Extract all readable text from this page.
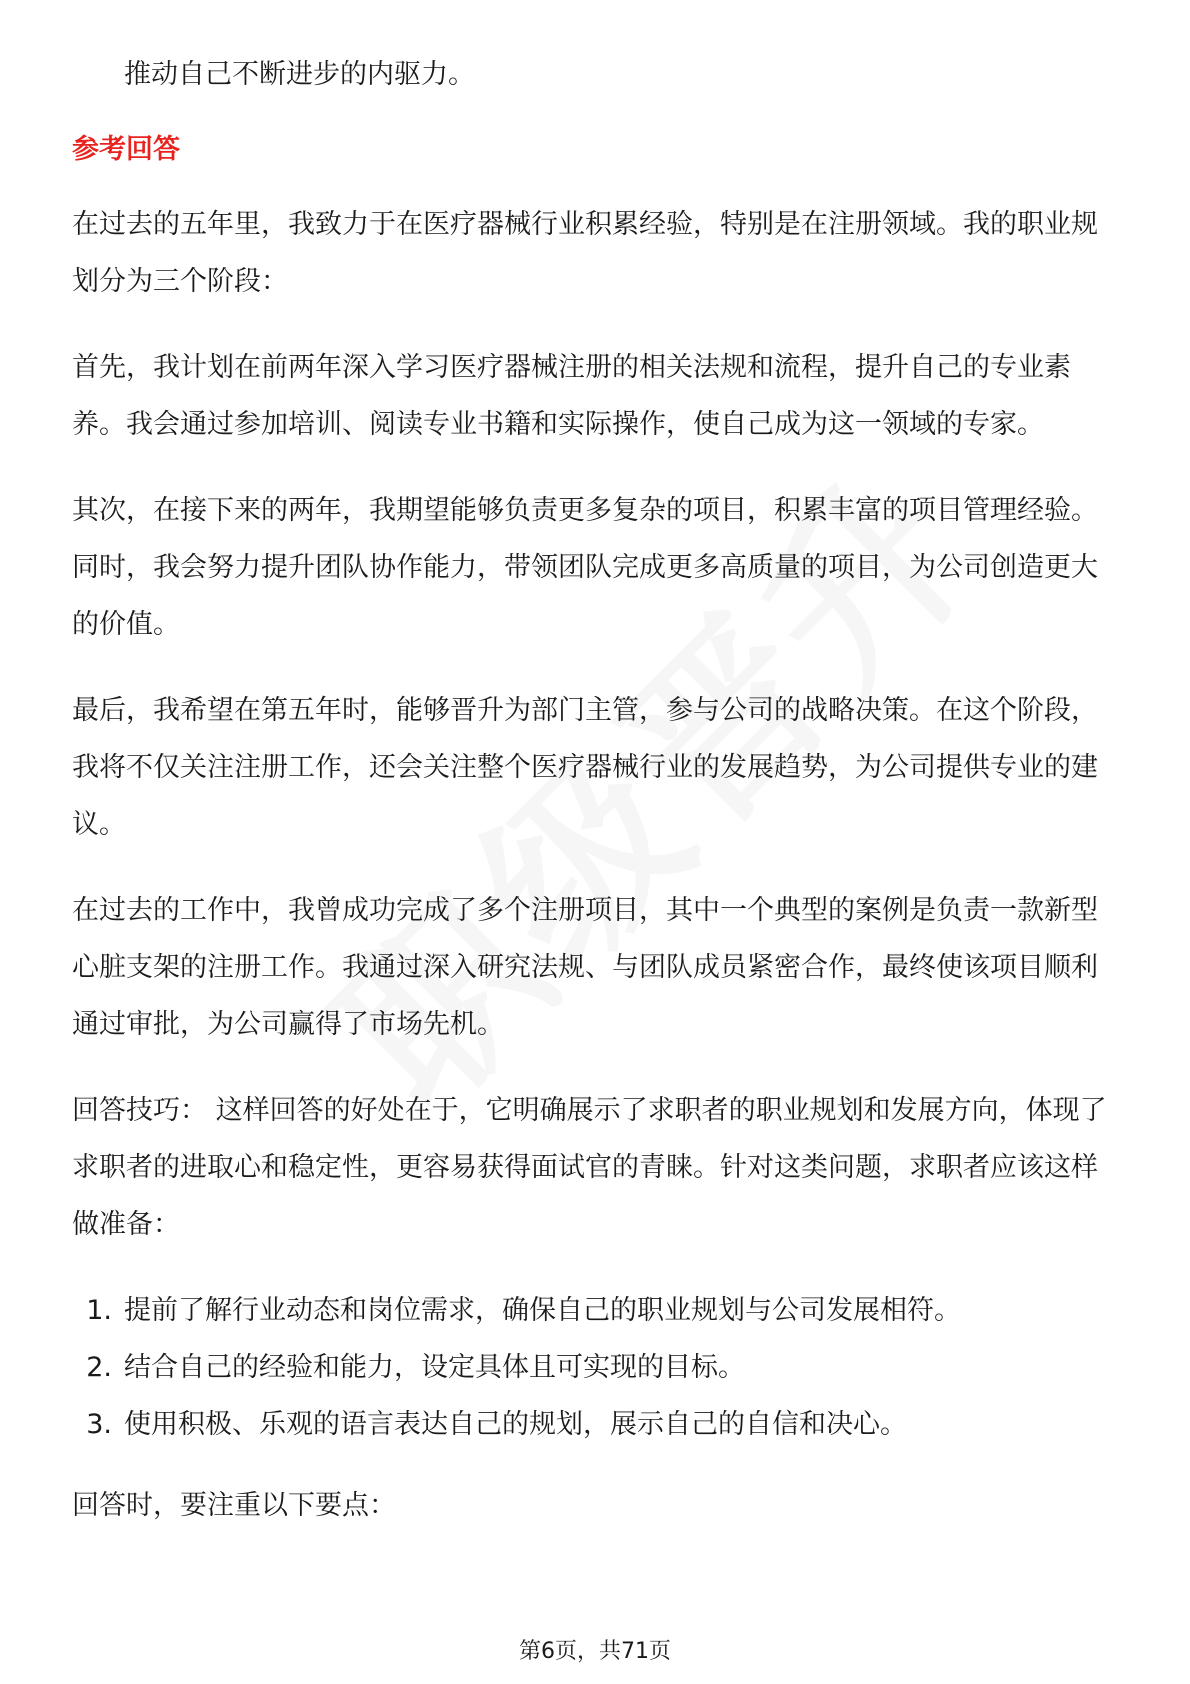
推动自己不断进步的内驱力。

参考回答

在过去的五年里，我致力于在医疗器械行业积累经验，特别是在注册领域。我的职业规划分为三个阶段：

首先，我计划在前两年深入学习医疗器械注册的相关法规和流程，提升自己的专业素养。我会通过参加培训、阅读专业书籍和实际操作，使自己成为这一领域的专家。

其次，在接下来的两年，我期望能够负责更多复杂的项目，积累丰富的项目管理经验。同时，我会努力提升团队协作能力，带领团队完成更多高质量的项目，为公司创造更大的价值。

最后，我希望在第五年时，能够晋升为部门主管，参与公司的战略决策。在这个阶段，我将不仅关注注册工作，还会关注整个医疗器械行业的发展趋势，为公司提供专业的建议。

在过去的工作中，我曾成功完成了多个注册项目，其中一个典型的案例是负责一款新型心脏支架的注册工作。我通过深入研究法规、与团队成员紧密合作，最终使该项目顺利通过审批，为公司赢得了市场先机。

回答技巧： 这样回答的好处在于，它明确展示了求职者的职业规划和发展方向，体现了求职者的进取心和稳定性，更容易获得面试官的青睐。针对这类问题，求职者应该这样做准备：

1. 提前了解行业动态和岗位需求，确保自己的职业规划与公司发展相符。
2. 结合自己的经验和能力，设定具体且可实现的目标。
3. 使用积极、乐观的语言表达自己的规划，展示自己的自信和决心。

回答时，要注重以下要点：

第6页，共71页
